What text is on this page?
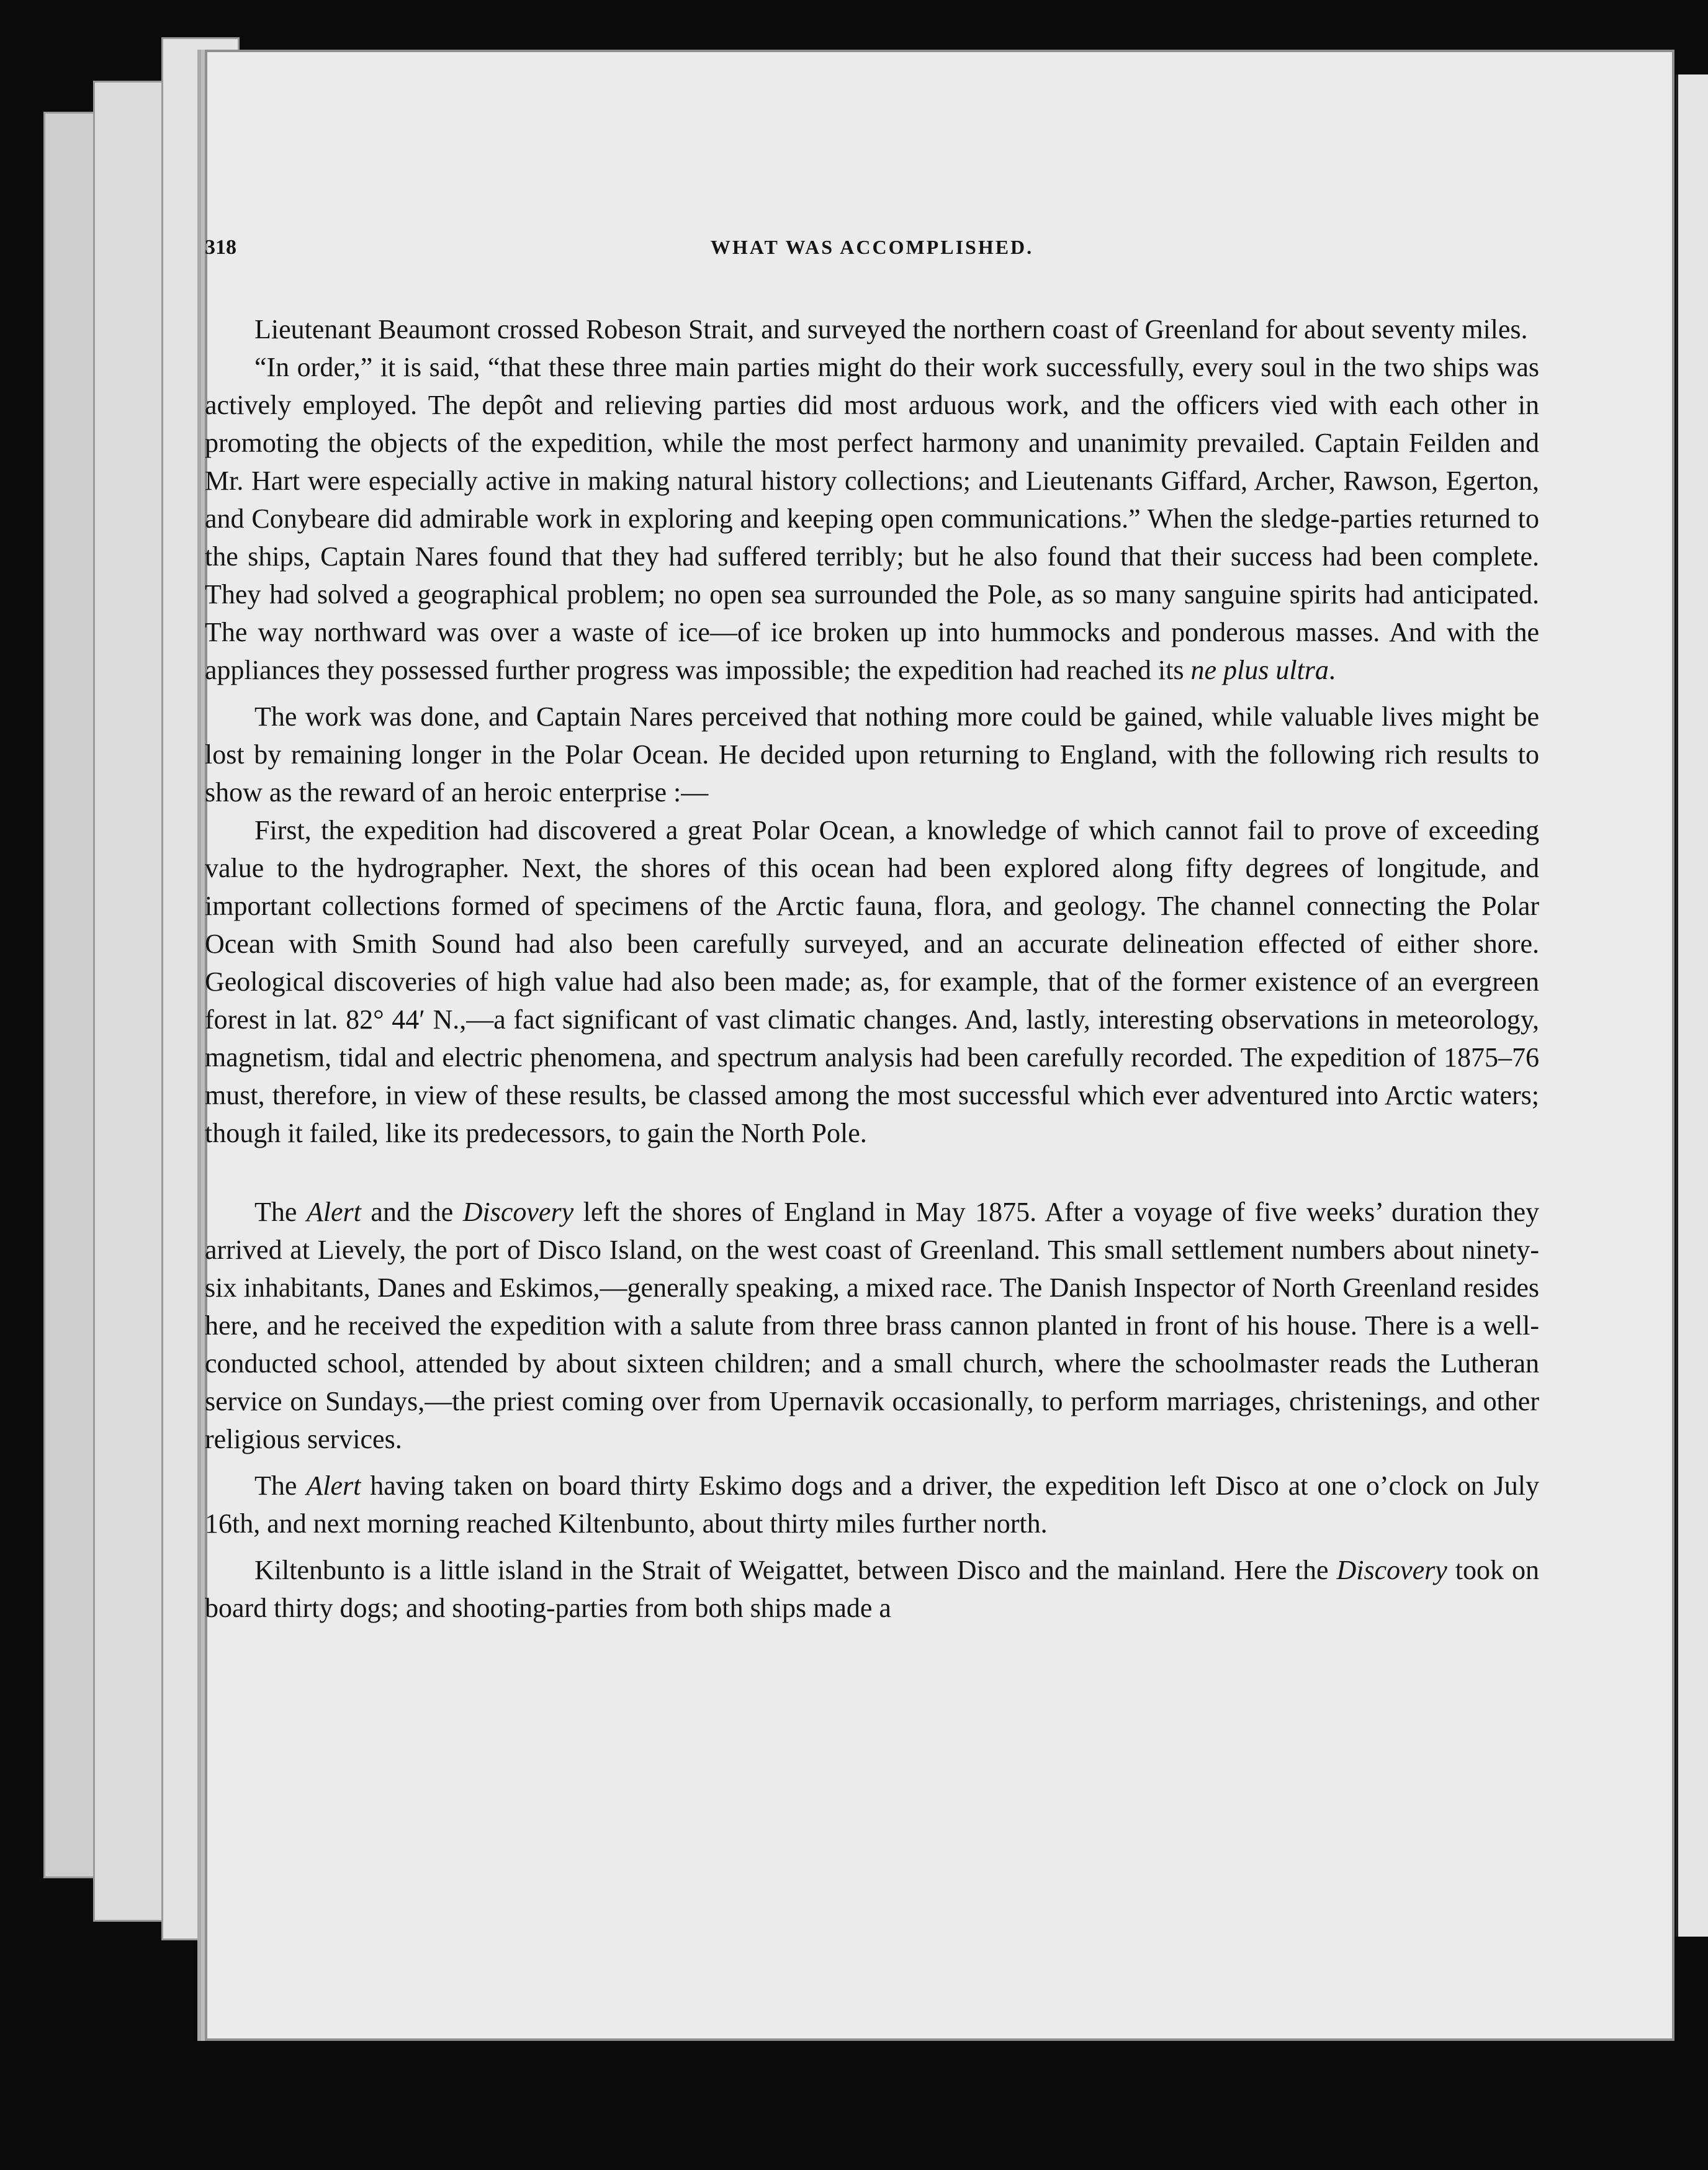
318	WHAT WAS ACCOMPLISHED.

Lieutenant Beaumont crossed Robeson Strait, and surveyed the northern coast of Greenland for about seventy miles.

“In order,” it is said, “that these three main parties might do their work successfully, every soul in the two ships was actively employed. The depôt and relieving parties did most arduous work, and the officers vied with each other in promoting the objects of the expedition, while the most perfect harmony and unanimity prevailed. Captain Feilden and Mr. Hart were especially active in making natural history collections; and Lieutenants Giffard, Archer, Rawson, Egerton, and Conybeare did admirable work in exploring and keeping open communications.” When the sledge-parties returned to the ships, Captain Nares found that they had suffered terribly; but he also found that their success had been complete. They had solved a geographical problem; no open sea surrounded the Pole, as so many sanguine spirits had anticipated. The way northward was over a waste of ice—of ice broken up into hummocks and ponderous masses. And with the appliances they possessed further progress was impossible; the expedition had reached its ne plus ultra.

The work was done, and Captain Nares perceived that nothing more could be gained, while valuable lives might be lost by remaining longer in the Polar Ocean. He decided upon returning to England, with the following rich results to show as the reward of an heroic enterprise :—

First, the expedition had discovered a great Polar Ocean, a knowledge of which cannot fail to prove of exceeding value to the hydrographer. Next, the shores of this ocean had been explored along fifty degrees of longitude, and important collections formed of specimens of the Arctic fauna, flora, and geology. The channel connecting the Polar Ocean with Smith Sound had also been carefully surveyed, and an accurate delineation effected of either shore. Geological discoveries of high value had also been made; as, for example, that of the former existence of an evergreen forest in lat. 82° 44′ N.,—a fact significant of vast climatic changes. And, lastly, interesting observations in meteorology, magnetism, tidal and electric phenomena, and spectrum analysis had been carefully recorded. The expedition of 1875–76 must, therefore, in view of these results, be classed among the most successful which ever adventured into Arctic waters; though it failed, like its predecessors, to gain the North Pole.

The Alert and the Discovery left the shores of England in May 1875. After a voyage of five weeks’ duration they arrived at Lievely, the port of Disco Island, on the west coast of Greenland. This small settlement numbers about ninety-six inhabitants, Danes and Eskimos,—generally speaking, a mixed race. The Danish Inspector of North Greenland resides here, and he received the expedition with a salute from three brass cannon planted in front of his house. There is a well-conducted school, attended by about sixteen children; and a small church, where the schoolmaster reads the Lutheran service on Sundays,—the priest coming over from Upernavik occasionally, to perform marriages, christenings, and other religious services.

The Alert having taken on board thirty Eskimo dogs and a driver, the expedition left Disco at one o’clock on July 16th, and next morning reached Kiltenbunto, about thirty miles further north.

Kiltenbunto is a little island in the Strait of Weigattet, between Disco and the mainland. Here the Discovery took on board thirty dogs; and shooting-parties from both ships made a
